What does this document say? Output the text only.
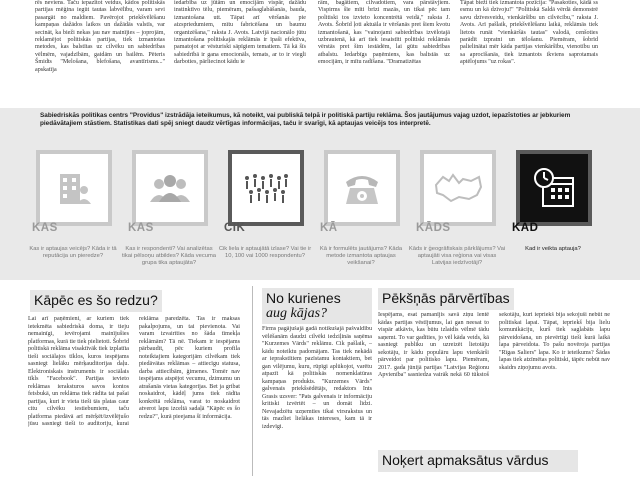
rēs neviens. Taču iepazītot veidus, kādos politiskās partijas mēģina iegūt tautas labvēlību, varam sevi pasargāt no maldiem. Pavērojot priekšvēlēšanu kampaņas dažādos laikos un dažādās valstīs, var secināt, ka bieži nekas jau nav mainījies – joprojām, reklamējot politiskās partijas, tiek izmantotas metodes, kas balstītas uz cilvēku un sabiedrības vēlmēm, vajadzībām, gaidām un bailēm. Pēteris Šmidts "Melošana, blefošana, avantīrisms..." apskatīja

iedarbība uz jūtām un emocijām vispār, dažādu instinktīvo tēlu, piemēram, pašsaglabāšanās, bauda, izmantošana utt. Tāpat arī vēršanās pie aizspriedumiem, mītu fabricēšana un baumu organizēšana," raksta J. Avots. Latvijā nacionālo jūtu izmantošana politiskajās reklāmās ir īpaši efektīva, pamatojot ar vēsturiski sāpīgiem tematiem. Tā kā šīs sabiedrībā ir gana emocionāls, temats, ar to ir viegli darboties, pārliecinot kādu ie

rām, bagātiem, cilvadotiem, vara pārstāvjiem. Vispirms šīe mīti brīzi mazās, un tikai pēc tam politiski tos izvieto koncentrētā veidā," raksta J. Avots. Šobrīd ļoti aktuāla ir vēršanās pret šiem kvotu izmantošanā, kas "vainojami sabiedrības izvēlotajā uzbrauienā, kā arī tiek iesaistīti politiski reklāmās vērstās pret šim iestādēm, lai gūtu sabiedrības atbalstu. Iedarbīgs paņēmiens, kas baltstās uz emocijām, ir mītu radīšana. "Dramatizētas

Tāpat bieži tiek izmantota pozīcija: "Pasakoties, kādā ss esmu un kā dzīvoju!" "Politiskā Saldā vērdā demonstrē savu dzīvesveidu, vienkāršību un cilvēcību," raksta J. Avots. Arī pašlaik, priekšvēlēšanu laikā, reklāmās tiek lietots runāt "vienkāršās tautas" valodā, cenšoties parādīt izpratni un tēlošanu. Piemēram, šobrīd palielinātai mēr kāda partijas vienkāršību, vienotību un sa aprocīšanās, tiek izmantots ikviens saprotamais aptēlojums "uz rokas".

Sabiedriskās politikas centrs "Providus" izstrādāja ieteikumus, kā noteikt, vai publiskā telpā ir politiskā partiju reklāma. Šos jautājumus vajag uzdot, iepazīstoties ar jebkuriem piedāvātajiem stāstiem. Statistikas dati spēj sniegt daudz vērtīgas informācijas, taču ir svarīgi, kā aptaujas veicējs tos interpretē.
KAS	KAS	CIK	KĀ	KĀDS	KAD
Kas ir aptaujas veicējs? Kāda ir tā reputācija un pieredze?
Kas ir respondenti? Vai analizētas tikai pēlsoņu atbildes? Kāda vecuma grupa tika aptaujāta?
Cik liela ir aptaujātā izlase? Vai tie ir 10, 100 vai 1000 respondentu?
Kā ir formulēts jautājums? Kāda metode izmantota aptaujas veikšanai?
Kāds ir ģeogrāfiskais pārklājums? Vai aptaujāti visa reģiona vai visas Latvijas iedzīvotāji?
Kad ir veikta aptauja?
Kāpēc es šo redzu?
Lai arī paņēmieni, ar kuriem tiek ietekmēta sabiedriskā doma, ir tieju nemainīgi, ievērojami mainījušies platformas, kurā tie tiek pielietoti. Šobrīd politiskā reklāma visaktīvāk tiek izplatīta tieši sociālajos tīklos, kuros iespējams sasniegt lielāku mērķauditorijas daļu. Elektroniskais instruments ir sociālais tīkls "Facebook". Partijas ievieto reklāmas ieraksturos savos kontos feisbukā, un reklāma tiek rādīta tai pašai partijas, kuri ir vieta tieši tās platas caur citu cilvēku iestiebumiem, taču platforma piedāvā arī mērķēt/izvēlējušo jūsu sasniegt tieši to auditoriju, kurai reklāma paredzēta. Tas ir maksas pakalpojums, un tai pievienota. Vai varam izvairīties no šāda tīmekļa reklāmām? Tā nē. Tiekam ir iespējams pārbaudīt, pēc kuriem profila noteiktajiem kategorijām cilvēkam tiek piedāvātas reklāmas – attiecīgu statusa, darba attiecībām, ģimenes. Tomēr nav iespējams atspējot vecumu, dzimumu un atrašanās vietas kategorijas. Bet ja gribat noskaidrot, kādēļ jums tiek rādīta konkrētā reklāma, varat to noskaidrot atverot lapu izceltā sadaļā "Kāpēc es šo redzu?", kurā pieejama šī informācija.
No kurienes
aug kājas?
Firms pagājušajā gadā notikušajā pašvaldību vēlēšanām daudzi cilvēki iedziļinās saņēma "Kurzemes Vārds" reklāmu. Cik pašlaik, – kādu noteiktu padomājam. Tas tiek nekādā ar ieprakstītiem pazīstamu kontaktiem, bet gan vilējumu, kuru, rūpīgi aplūkojot, varētu atpazīt kā politiskās nomenklatūras kampaņas produkts. "Kurzemes Vārds" galvenais priekšsēdētājs, redaktors Ints Grasis uzsver: "Pats galvenais ir informāciju kritiski izvērtēt – un domāt līdzi. Nevajadzētu uzņemties tikai virsrakstus un tās mazliet lielākas intereses, kam tā ir izdevīgi.
Pēkšņās pārvērtības
Iespējams, esat pamanījis savā ziņu lentē kādas partijas vēstījumus, lai gan neesat to vispār atkāvis, kas būtu izlaidis vēlmē tādu saņemt. To var gadīties, jo vēl kāda veids, kā sasniegt publiku un uzreizēt lietotāju sekotāju, ir kādu populāru lapu vienkārši pārveidot par politisko lapu. Piemēram, 2017. gada jūnijā partijas "Latvijas Reģionu Apvienība" sasniedza vairāk nekā 60 tūkstoš sekotāju, kuri iepriekš bija sekojuši nebūt ne politiskai lapai. Tāpat, iepriekš bija lielu komunikāciju, kurš tiek saglabāts lapu pārveidošana, un pievērtīgi tieši kurā laikā lapa pārveidota. To pašu novēroja partijas "Rīgas Saliers" lapa. Ko ir ieteikums? Šādas lapas tiek atzīmētas politiski, tāpēc nebūt nav skaidrs ziņojumu avots.
Noķert apmaksātus vārdus
